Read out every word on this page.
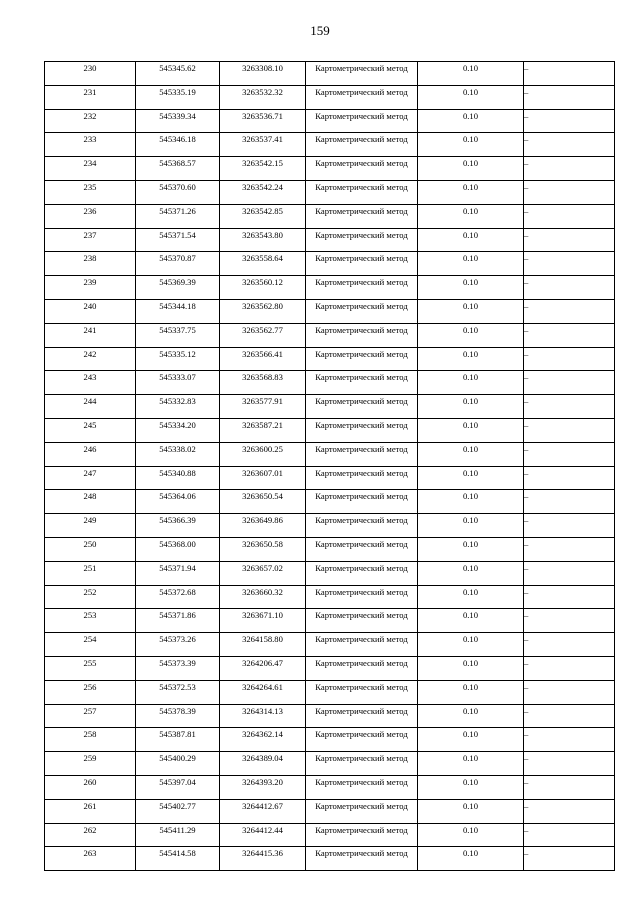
159
230	545345.62	3263308.10	Картометрический метод	0.10	–
231	545335.19	3263532.32	Картометрический метод	0.10	–
232	545339.34	3263536.71	Картометрический метод	0.10	–
233	545346.18	3263537.41	Картометрический метод	0.10	–
234	545368.57	3263542.15	Картометрический метод	0.10	–
235	545370.60	3263542.24	Картометрический метод	0.10	–
236	545371.26	3263542.85	Картометрический метод	0.10	–
237	545371.54	3263543.80	Картометрический метод	0.10	–
238	545370.87	3263558.64	Картометрический метод	0.10	–
239	545369.39	3263560.12	Картометрический метод	0.10	–
240	545344.18	3263562.80	Картометрический метод	0.10	–
241	545337.75	3263562.77	Картометрический метод	0.10	–
242	545335.12	3263566.41	Картометрический метод	0.10	–
243	545333.07	3263568.83	Картометрический метод	0.10	–
244	545332.83	3263577.91	Картометрический метод	0.10	–
245	545334.20	3263587.21	Картометрический метод	0.10	–
246	545338.02	3263600.25	Картометрический метод	0.10	–
247	545340.88	3263607.01	Картометрический метод	0.10	–
248	545364.06	3263650.54	Картометрический метод	0.10	–
249	545366.39	3263649.86	Картометрический метод	0.10	–
250	545368.00	3263650.58	Картометрический метод	0.10	–
251	545371.94	3263657.02	Картометрический метод	0.10	–
252	545372.68	3263660.32	Картометрический метод	0.10	–
253	545371.86	3263671.10	Картометрический метод	0.10	–
254	545373.26	3264158.80	Картометрический метод	0.10	–
255	545373.39	3264206.47	Картометрический метод	0.10	–
256	545372.53	3264264.61	Картометрический метод	0.10	–
257	545378.39	3264314.13	Картометрический метод	0.10	–
258	545387.81	3264362.14	Картометрический метод	0.10	–
259	545400.29	3264389.04	Картометрический метод	0.10	–
260	545397.04	3264393.20	Картометрический метод	0.10	–
261	545402.77	3264412.67	Картометрический метод	0.10	–
262	545411.29	3264412.44	Картометрический метод	0.10	–
263	545414.58	3264415.36	Картометрический метод	0.10	–
